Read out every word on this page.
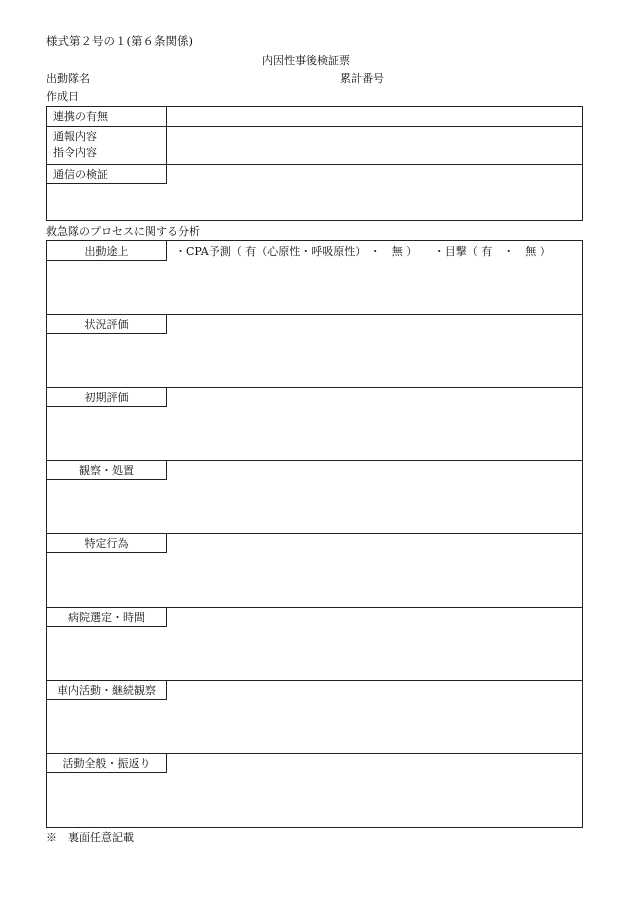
様式第２号の１(第６条関係)
内因性事後検証票
出動隊名	累計番号
作成日
連携の有無
通報内容
指令内容
通信の検証
救急隊のプロセスに関する分析
出動途上	・CPA予測（ 有（心原性・呼吸原性） ・　無 ）　　・目撃（ 有　・　無 ）
状況評価
初期評価
観察・処置
特定行為
病院選定・時間
車内活動・継続観察
活動全般・振返り
※　裏面任意記載
